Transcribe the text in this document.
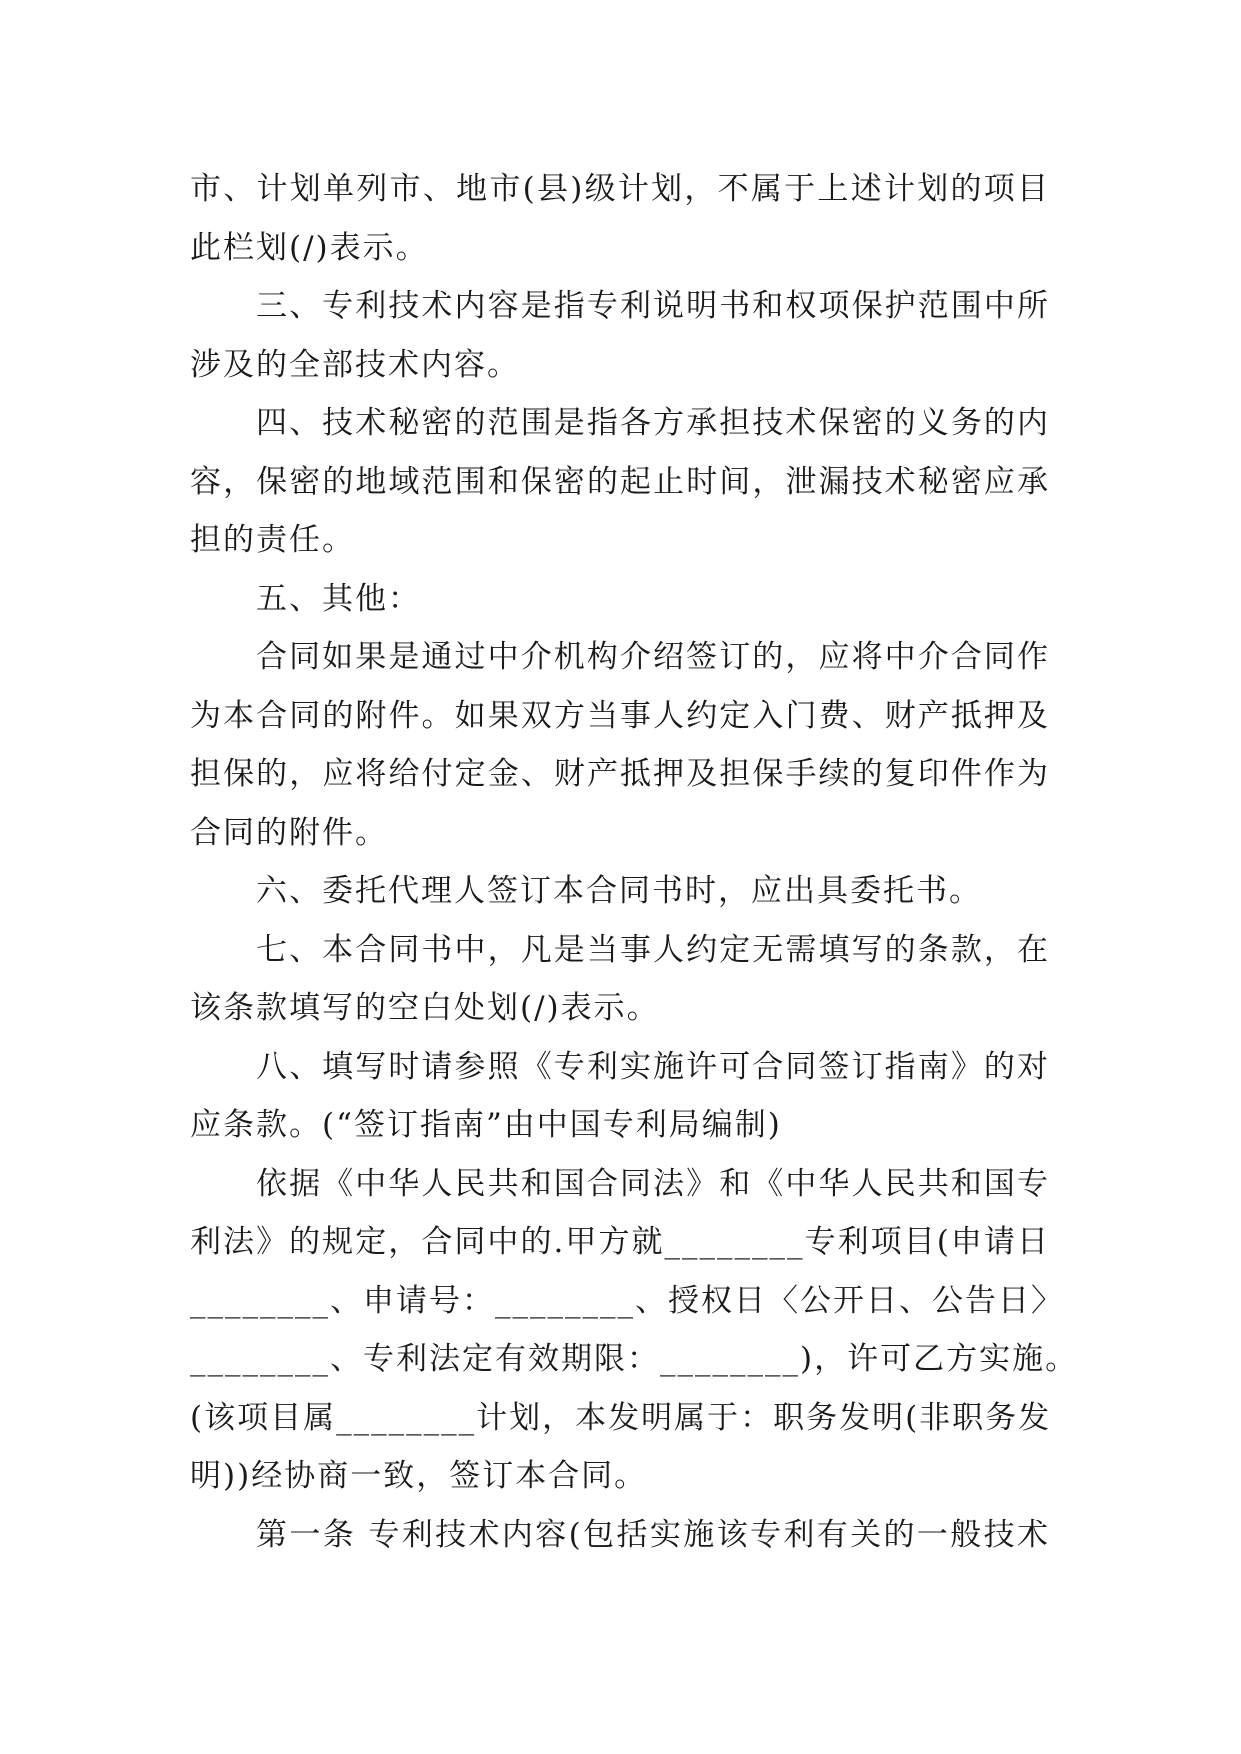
市、计划单列市、地市(县)级计划，不属于上述计划的项目
此栏划(/)表示。
三、专利技术内容是指专利说明书和权项保护范围中所
涉及的全部技术内容。
四、技术秘密的范围是指各方承担技术保密的义务的内
容，保密的地域范围和保密的起止时间，泄漏技术秘密应承
担的责任。
五、其他：
合同如果是通过中介机构介绍签订的，应将中介合同作
为本合同的附件。如果双方当事人约定入门费、财产抵押及
担保的，应将给付定金、财产抵押及担保手续的复印件作为
合同的附件。
六、委托代理人签订本合同书时，应出具委托书。
七、本合同书中，凡是当事人约定无需填写的条款，在
该条款填写的空白处划(/)表示。
八、填写时请参照《专利实施许可合同签订指南》的对
应条款。(“签订指南”由中国专利局编制)
依据《中华人民共和国合同法》和《中华人民共和国专
利法》的规定，合同中的.甲方就________专利项目(申请日
________、申请号：________、授权日〈公开日、公告日〉
________、专利法定有效期限：________)，许可乙方实施。
(该项目属________计划，本发明属于：职务发明(非职务发
明))经协商一致，签订本合同。
第一条 专利技术内容(包括实施该专利有关的一般技术
